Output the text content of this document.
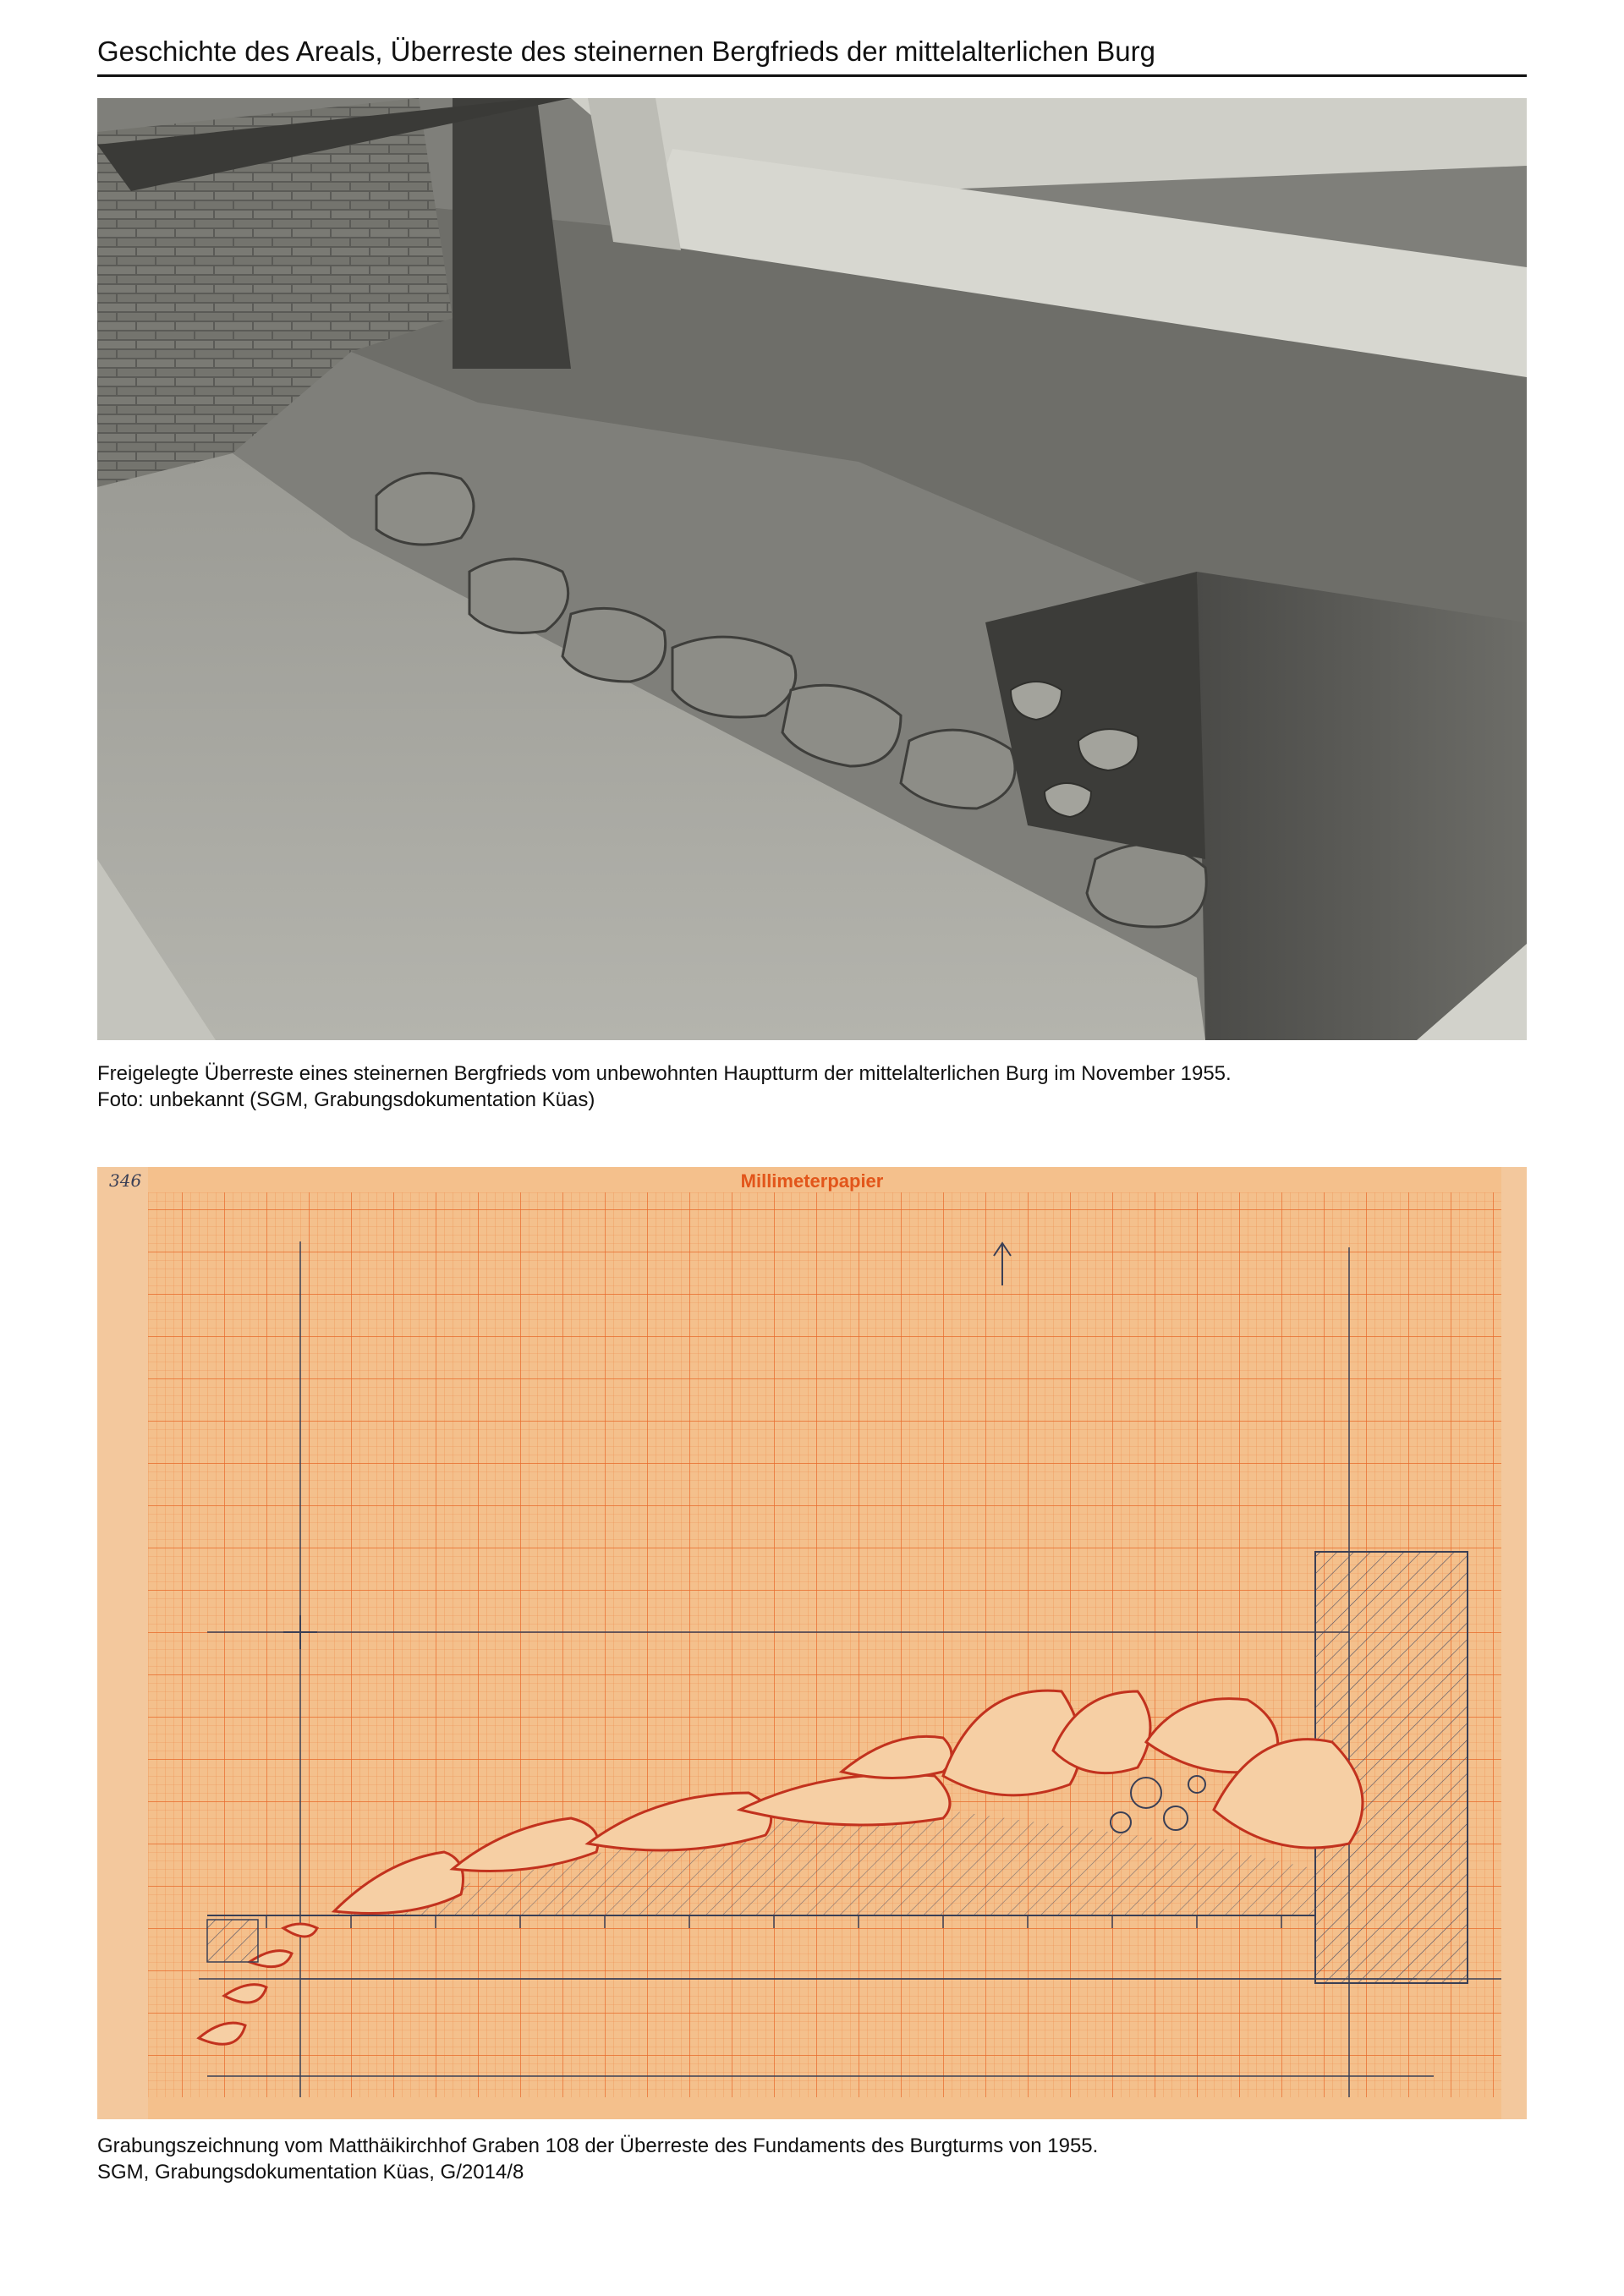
Geschichte des Areals, Überreste des steinernen Bergfrieds der mittelalterlichen Burg
Freigelegte Überreste eines steinernen Bergfrieds vom unbewohnten Hauptturm der mittelalterlichen Burg im November 1955.
Foto: unbekannt (SGM, Grabungsdokumentation Küas)
Millimeterpapier
346
Grabungszeichnung vom Matthäikirchhof Graben 108 der Überreste des Fundaments des Burgturms von 1955.
SGM, Grabungsdokumentation Küas, G/2014/8
